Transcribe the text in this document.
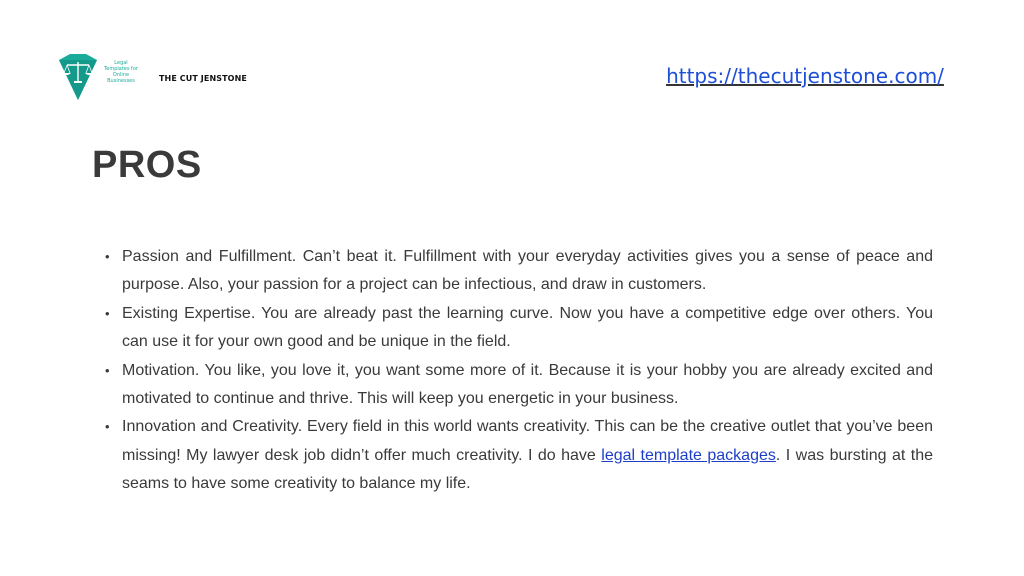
Legal
Templates for
Online
Businesses	THE CUT JENSTONE	https://thecutjenstone.com/
PROS
• Passion and Fulfillment. Can’t beat it. Fulfillment with your everyday activities gives you a sense of peace and purpose. Also, your passion for a project can be infectious, and draw in customers.
• Existing Expertise. You are already past the learning curve. Now you have a competitive edge over others. You can use it for your own good and be unique in the field.
• Motivation. You like, you love it, you want some more of it. Because it is your hobby you are already excited and motivated to continue and thrive. This will keep you energetic in your business.
• Innovation and Creativity. Every field in this world wants creativity. This can be the creative outlet that you’ve been missing! My lawyer desk job didn’t offer much creativity. I do have legal template packages. I was bursting at the seams to have some creativity to balance my life.
